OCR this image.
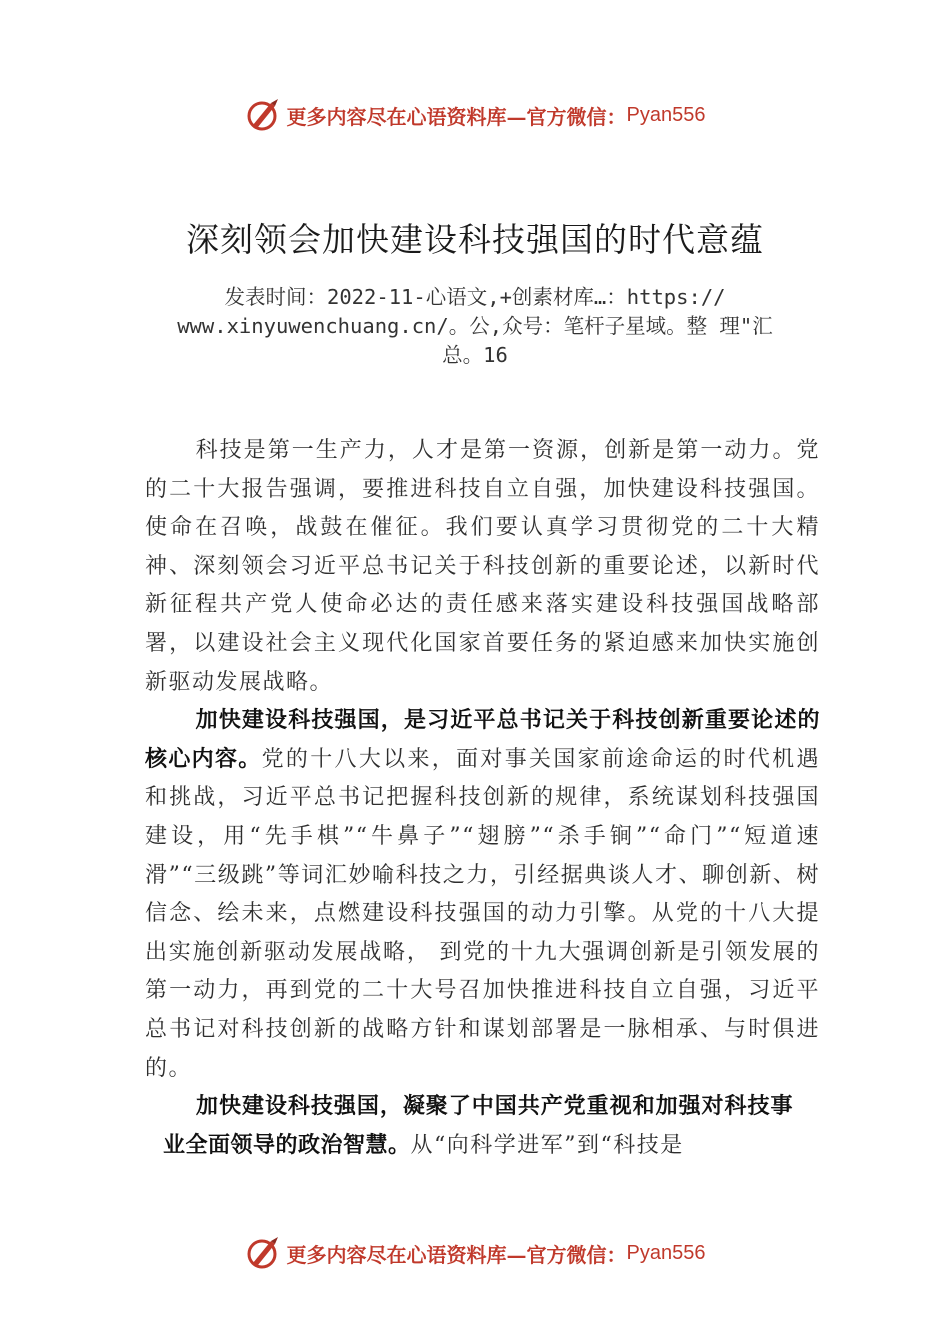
更多内容尽在心语资料库—官方微信： Pyan556
深刻领会加快建设科技强国的时代意蕴
发表时间：2022-11-心语文,+创素材库…：https:// www.xinyuwenchuang.cn/。公,众号：笔杆子星域。整 理"汇总。16

科技是第一生产力，人才是第一资源，创新是第一动力。党的二十大报告强调，要推进科技自立自强，加快建设科技强国。使命在召唤，战鼓在催征。我们要认真学习贯彻党的二十大精神、深刻领会习近平总书记关于科技创新的重要论述，以新时代新征程共产党人使命必达的责任感来落实建设科技强国战略部署，以建设社会主义现代化国家首要任务的紧迫感来加快实施创新驱动发展战略。

加快建设科技强国，是习近平总书记关于科技创新重要论述的核心内容。党的十八大以来，面对事关国家前途命运的时代机遇和挑战，习近平总书记把握科技创新的规律，系统谋划科技强国建设，用“先手棋”“牛鼻子”“翅膀”“杀手锏”“命门”“短道速滑”“三级跳”等词汇妙喻科技之力，引经据典谈人才、聊创新、树信念、绘未来，点燃建设科技强国的动力引擎。从党的十八大提出实施创新驱动发展战略， 到党的十九大强调创新是引领发展的第一动力，再到党的二十大号召加快推进科技自立自强，习近平总书记对科技创新的战略方针和谋划部署是一脉相承、与时俱进的。

加快建设科技强国，凝聚了中国共产党重视和加强对科技事业全面领导的政治智慧。从“向科学进军”到“科技是

更多内容尽在心语资料库—官方微信： Pyan556
